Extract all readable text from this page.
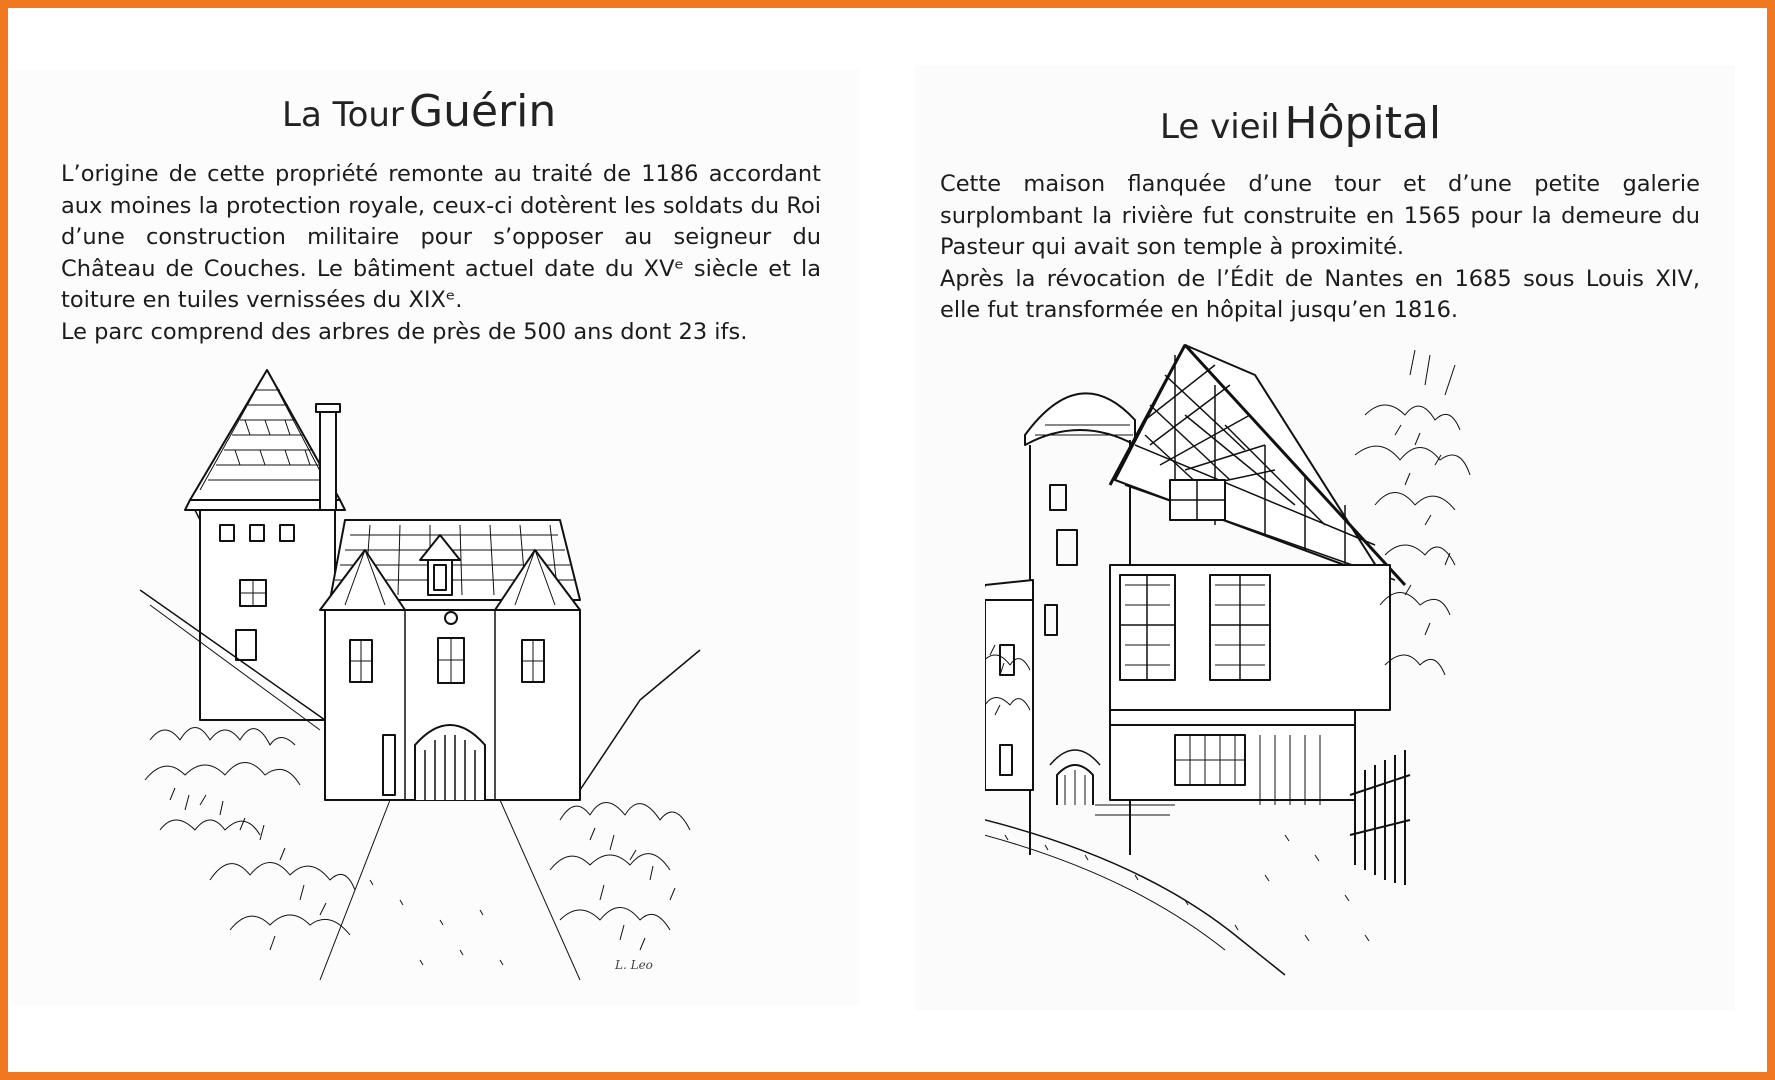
La Tour Guérin

L’origine de cette propriété remonte au traité de 1186 accordant aux moines la protection royale, ceux-ci dotèrent les soldats du Roi d’une construction militaire pour s’opposer au seigneur du Château de Couches. Le bâtiment actuel date du XVᵉ siècle et la toiture en tuiles vernissées du XIXᵉ.

Le parc comprend des arbres de près de 500 ans dont 23 ifs.

L. Leo
Le vieil Hôpital

Cette maison flanquée d’une tour et d’une petite galerie surplombant la rivière fut construite en 1565 pour la demeure du Pasteur qui avait son temple à proximité.

Après la révocation de l’Édit de Nantes en 1685 sous Louis XIV, elle fut transformée en hôpital jusqu’en 1816.
